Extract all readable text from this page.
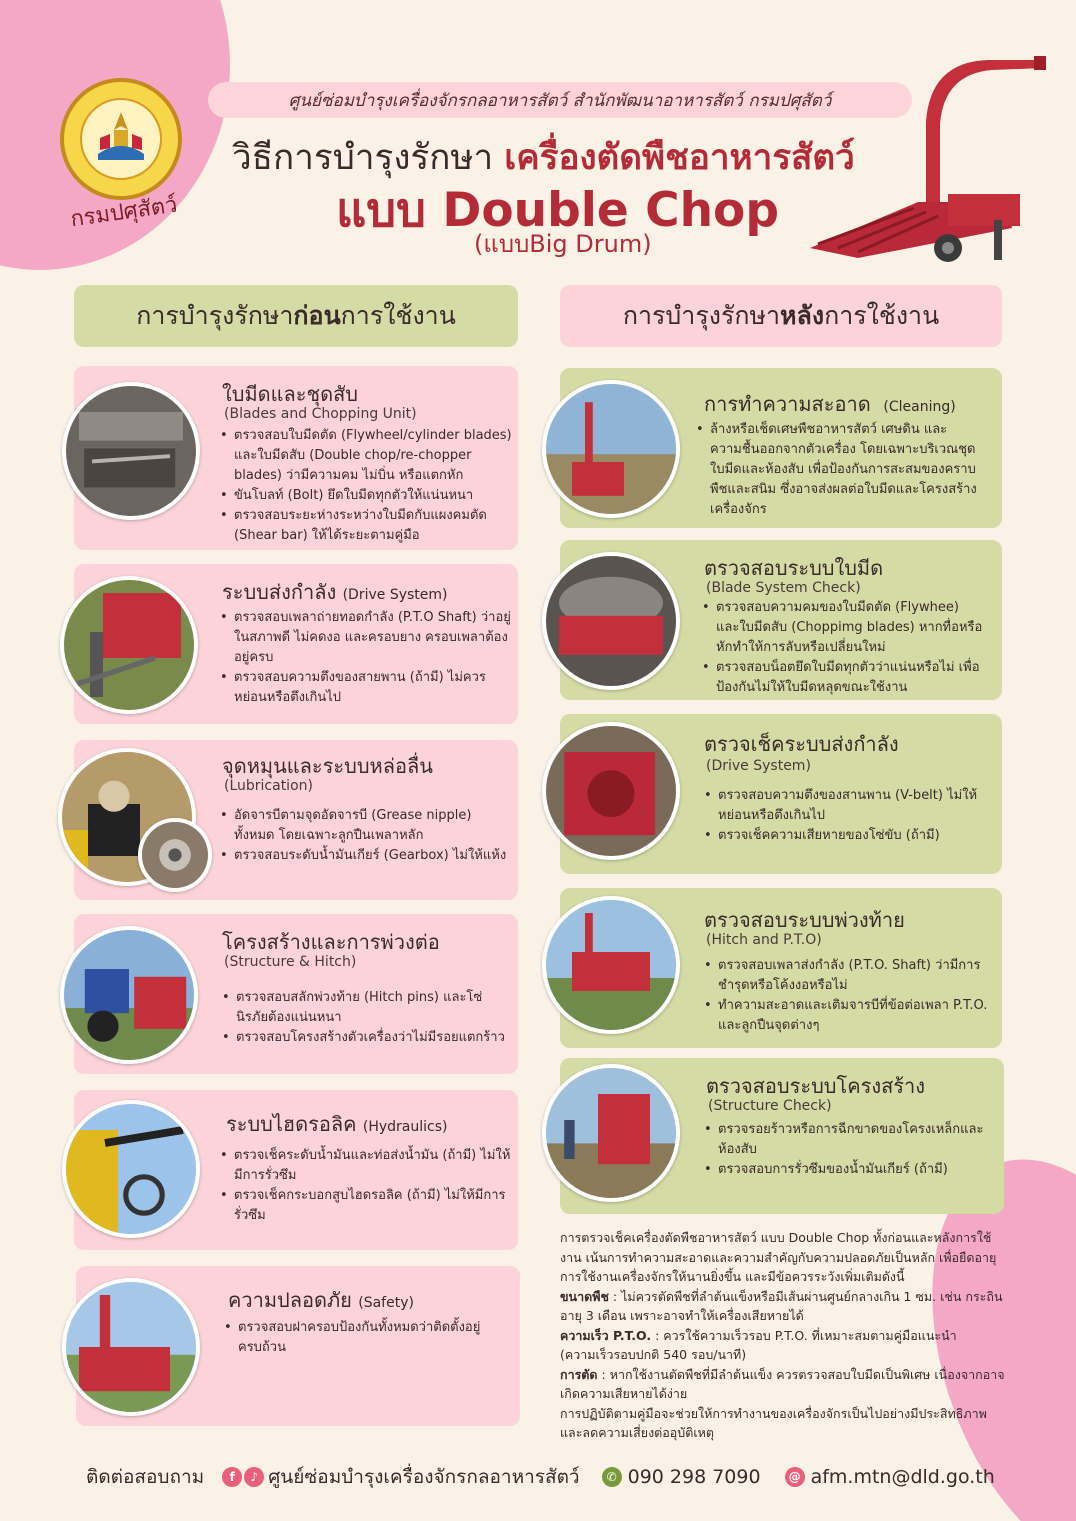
กรมปศุสัตว์
ศูนย์ซ่อมบำรุงเครื่องจักรกลอาหารสัตว์ สำนักพัฒนาอาหารสัตว์ กรมปศุสัตว์
วิธีการบำรุงรักษา เครื่องตัดพืชอาหารสัตว์
แบบ Double Chop
(แบบBig Drum)
การบำรุงรักษา ก่อน การใช้งาน	การบำรุงรักษา หลัง การใช้งาน
ใบมีดและชุดสับ
(Blades and Chopping Unit)
• ตรวจสอบใบมีดตัด (Flywheel/cylinder blades) และใบมีดสับ (Double chop/re-chopper blades) ว่ามีความคม ไม่บิ่น หรือแตกหัก
• ขันโบลท์ (Bolt) ยึดใบมีดทุกตัวให้แน่นหนา
• ตรวจสอบระยะห่างระหว่างใบมีดกับแผงคมตัด (Shear bar) ให้ได้ระยะตามคู่มือ
ระบบส่งกำลัง (Drive System)
• ตรวจสอบเพลาถ่ายทอดกำลัง (P.T.O Shaft) ว่าอยู่ในสภาพดี ไม่คดงอ และครอบยาง ครอบเพลาต้องอยู่ครบ
• ตรวจสอบความตึงของสายพาน (ถ้ามี) ไม่ควรหย่อนหรือตึงเกินไป
จุดหมุนและระบบหล่อลื่น
(Lubrication)
• อัดจารบีตามจุดอัดจารบี (Grease nipple) ทั้งหมด โดยเฉพาะลูกปืนเพลาหลัก
• ตรวจสอบระดับน้ำมันเกียร์ (Gearbox) ไม่ให้แห้ง
โครงสร้างและการพ่วงต่อ
(Structure & Hitch)
• ตรวจสอบสลักพ่วงท้าย (Hitch pins) และโซ่นิรภัยต้องแน่นหนา
• ตรวจสอบโครงสร้างตัวเครื่องว่าไม่มีรอยแตกร้าว
ระบบไฮดรอลิค (Hydraulics)
• ตรวจเช็คระดับน้ำมันและท่อส่งน้ำมัน (ถ้ามี) ไม่ให้มีการรั่วซึม
• ตรวจเช็คกระบอกสูบไฮดรอลิค (ถ้ามี) ไม่ให้มีการรั่วซึม
ความปลอดภัย (Safety)
• ตรวจสอบฝาครอบป้องกันทั้งหมดว่าติดตั้งอยู่ครบถ้วน
การทำความสะอาด (Cleaning)
• ล้างหรือเช็ดเศษพืชอาหารสัตว์ เศษดิน และความชื้นออกจากตัวเครื่อง โดยเฉพาะบริเวณชุดใบมีดและห้องสับ เพื่อป้องกันการสะสมของคราบพืชและสนิม ซึ่งอาจส่งผลต่อใบมีดและโครงสร้างเครื่องจักร
ตรวจสอบระบบใบมีด
(Blade System Check)
• ตรวจสอบความคมของใบมีดตัด (Flywhee) และใบมีดสับ (Choppimg blades) หากทื่อหรือหักทำให้การลับหรือเปลี่ยนใหม่
• ตรวจสอบน็อตยึดใบมีดทุกตัวว่าแน่นหรือไม่ เพื่อป้องกันไม่ให้ใบมีดหลุดขณะใช้งาน
ตรวจเช็คระบบส่งกำลัง
(Drive System)
• ตรวจสอบความตึงของสานพาน (V-belt) ไม่ให้หย่อนหรือตึงเกินไป
• ตรวจเช็คความเสียหายของโซ่ขับ (ถ้ามี)
ตรวจสอบระบบพ่วงท้าย
(Hitch and P.T.O)
• ตรวจสอบเพลาส่งกำลัง (P.T.O. Shaft) ว่ามีการชำรุดหรือโค้งงอหรือไม่
• ทำความสะอาดและเติมจารบีที่ข้อต่อเพลา P.T.O. และลูกปืนจุดต่างๆ
ตรวจสอบระบบโครงสร้าง
(Structure Check)
• ตรวจรอยร้าวหรือการฉีกขาดของโครงเหล็กและห้องสับ
• ตรวจสอบการรั่วซึมของน้ำมันเกียร์ (ถ้ามี)

การตรวจเช็คเครื่องตัดพืชอาหารสัตว์ แบบ Double Chop ทั้งก่อนและหลังการใช้งาน เน้นการทำความสะอาดและความสำคัญกับความปลอดภัยเป็นหลัก เพื่อยืดอายุการใช้งานเครื่องจักรให้นานยิ่งขึ้น และมีข้อควรระวังเพิ่มเติมดังนี้

ขนาดพืช : ไม่ควรตัดพืชที่ลำต้นแข็งหรือมีเส้นผ่านศูนย์กลางเกิน 1 ซม. เช่น กระถินอายุ 3 เดือน เพราะอาจทำให้เครื่องเสียหายได้

ความเร็ว P.T.O. : ควรใช้ความเร็วรอบ P.T.O. ที่เหมาะสมตามคู่มือแนะนำ (ความเร็วรอบปกติ 540 รอบ/นาที)

การตัด : หากใช้งานตัดพืชที่มีลำต้นแข็ง ควรตรวจสอบใบมีดเป็นพิเศษ เนื่องจากอาจเกิดความเสียหายได้ง่าย

การปฏิบัติตามคู่มือจะช่วยให้การทำงานของเครื่องจักรเป็นไปอย่างมีประสิทธิภาพและลดความเสี่ยงต่ออุบัติเหตุ

ติดต่อสอบถาม	f	♪ ศูนย์ซ่อมบำรุงเครื่องจักรกลอาหารสัตว์	✆ 090 298 7090	@ afm.mtn@dld.go.th
